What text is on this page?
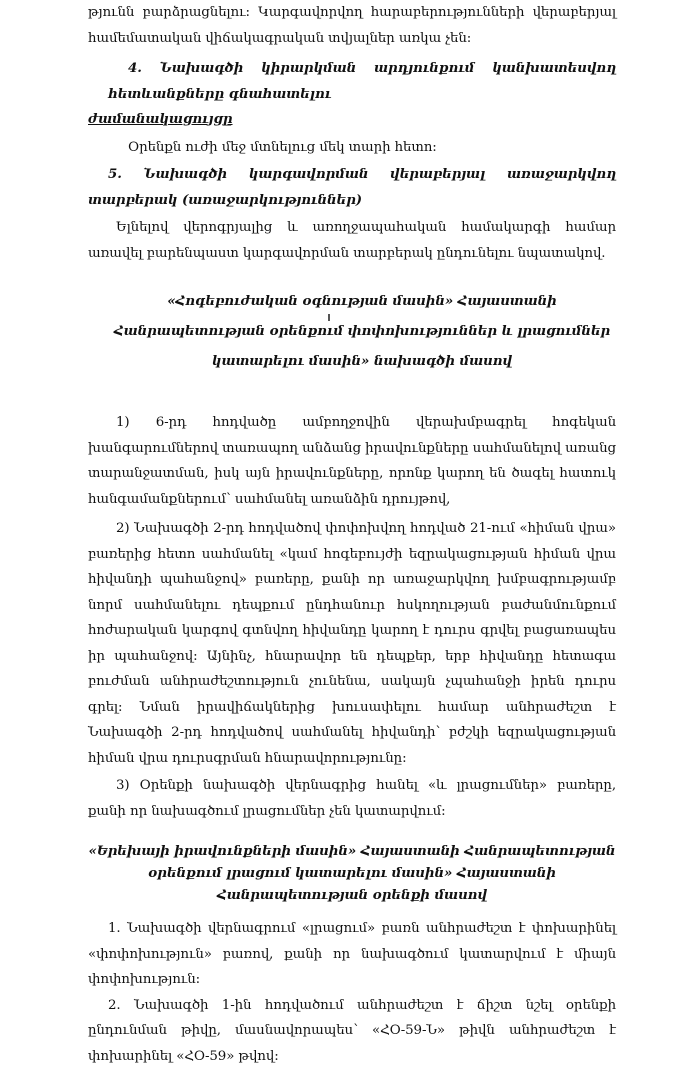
թյունն բարձրացնելու: Կարգավորվող հարաբերությունների վերաբերյալ համեմատական վիճակագրական տվյալներ առկա չեն:

4. Նախագծի կիրարկման արդյունքում կանխատեսվող հետևանքները գնահատելու

ժամանակացույցը

Օրենքն ուժի մեջ մտնելուց մեկ տարի հետո:

5. Նախագծի կարգավորման վերաբերյալ առաջարկվող տարբերակ (առաջարկություններ)

Ելնելով վերոգրյալից և առողջապահական համակարգի համար առավել բարենպաստ կարգավորման տարբերակ ընդունելու նպատակով.

«Հոգեբուժական օգնության մասին» Հայաստանի Հանրապետության օրենքում փոփոխություններ և լրացումներ կատարելու մասին» նախագծի մասով

1) 6-րդ հոդվածը ամբողջովին վերախմբագրել հոգեկան խանգարումներով տառապող անձանց իրավունքները սահմանելով առանց տարանջատման, իսկ այն իրավունքները, որոնք կարող են ծագել հատուկ հանգամանքներում՝ սահմանել առանձին դրույթով,

2) Նախագծի 2-րդ հոդվածով փոփոխվող հոդված 21-ում «հիման վրա» բառերից հետո սահմանել «կամ հոգեբույժի եզրակացության հիման վրա հիվանդի պահանջով» բառերը, քանի որ առաջարկվող խմբագրությամբ նորմ սահմանելու դեպքում ընդհանուր հսկողության բաժանմունքում հոժարական կարգով գտնվող հիվանդը կարող է դուրս գրվել բացառապես իր պահանջով: Այնինչ, հնարավոր են դեպքեր, երբ հիվանդը հետագա բուժման անհրաժեշտություն չունենա, սակայն չպահանջի իրեն դուրս գրել: Նման իրավիճակներից խուսափելու համար անհրաժեշտ է Նախագծի 2-րդ հոդվածով սահմանել հիվանդի՝ բժշկի եզրակացության հիման վրա դուրսգրման հնարավորությունը:

3) Օրենքի նախագծի վերնագրից հանել «և լրացումներ» բառերը, քանի որ նախագծում լրացումներ չեն կատարվում:

«Երեխայի իրավունքների մասին» Հայաստանի Հանրապետության օրենքում լրացում կատարելու մասին» Հայաստանի Հանրապետության օրենքի մասով

1. Նախագծի վերնագրում «լրացում» բառն անհրաժեշտ է փոխարինել «փոփոխություն» բառով, քանի որ նախագծում կատարվում է միայն փոփոխություն:

2. Նախագծի 1-ին հոդվածում անհրաժեշտ է ճիշտ նշել օրենքի ընդունման թիվը, մասնավորապես՝ «ՀՕ-59-Ն» թիվն անհրաժեշտ է փոխարինել «ՀՕ-59» թվով:
